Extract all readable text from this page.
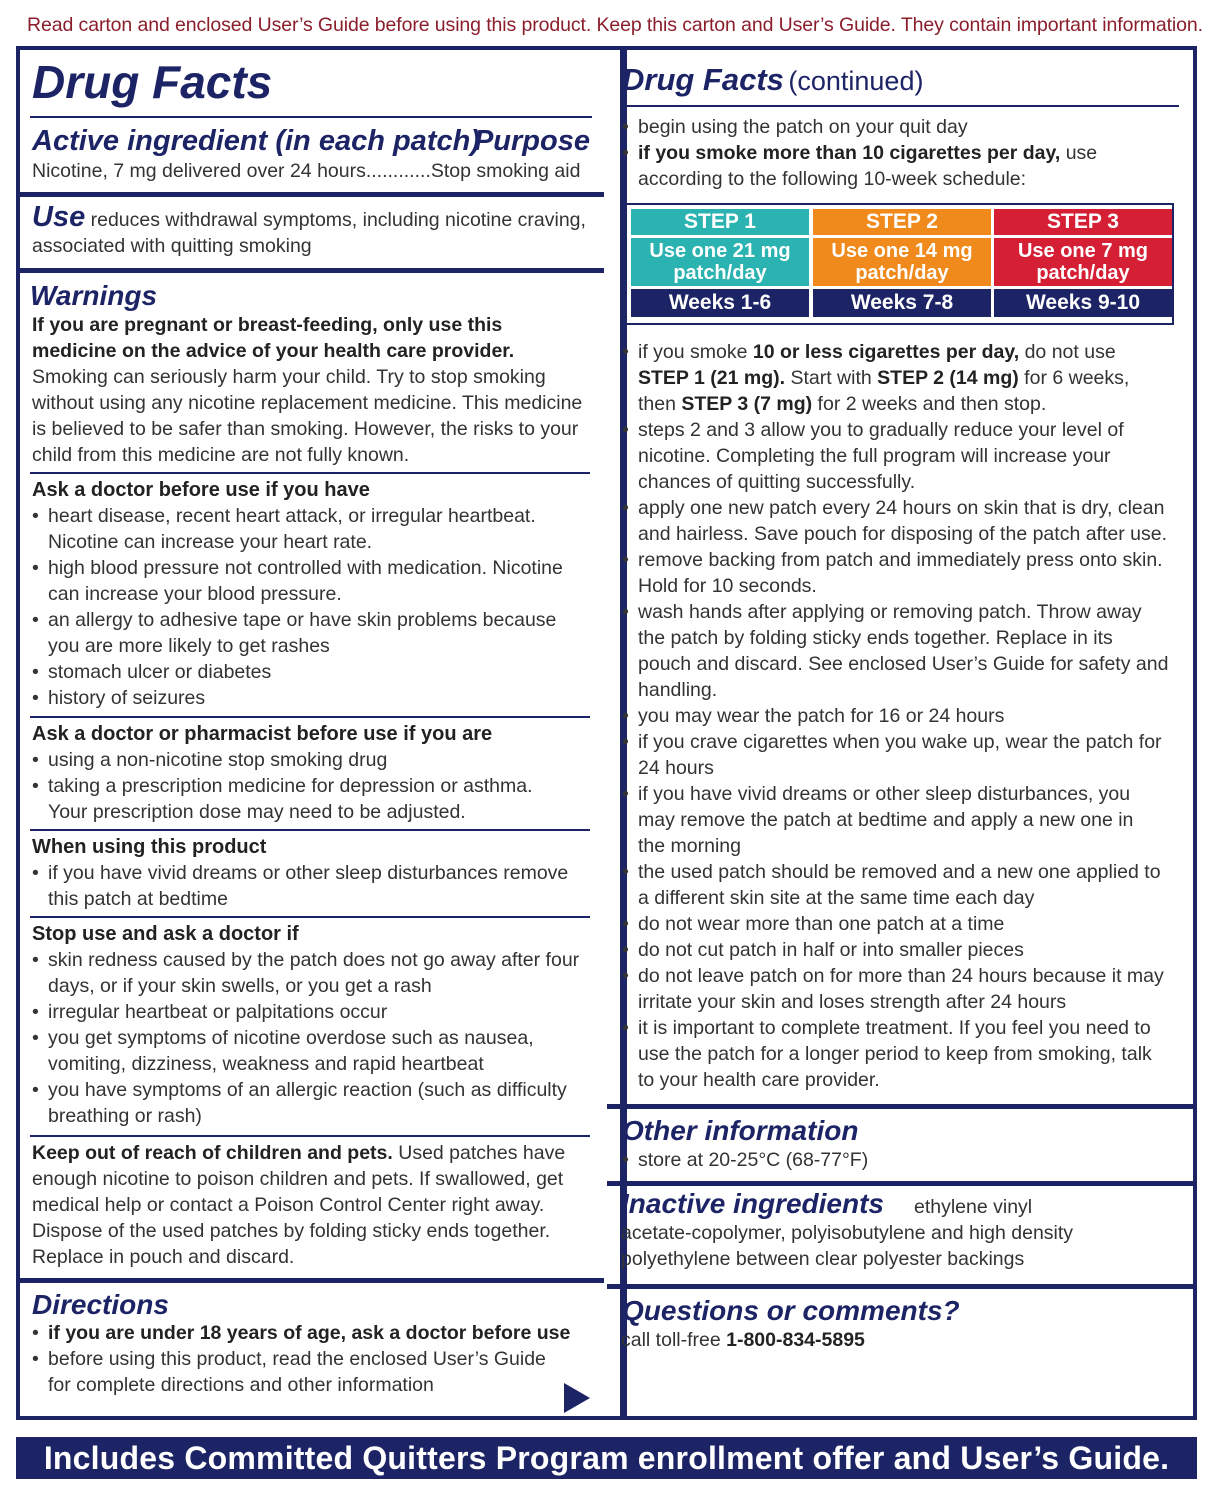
Read carton and enclosed User’s Guide before using this product. Keep this carton and User’s Guide. They contain important information.
Drug Facts
Active ingredient (in each patch)
Purpose
Nicotine, 7 mg delivered over 24 hours............Stop smoking aid
Use reduces withdrawal symptoms, including nicotine craving,
associated with quitting smoking
Warnings
If you are pregnant or breast-feeding, only use this
medicine on the advice of your health care provider.
Smoking can seriously harm your child. Try to stop smoking
without using any nicotine replacement medicine. This medicine
is believed to be safer than smoking. However, the risks to your
child from this medicine are not fully known.
Ask a doctor before use if you have
• heart disease, recent heart attack, or irregular heartbeat.
Nicotine can increase your heart rate.
• high blood pressure not controlled with medication. Nicotine
can increase your blood pressure.
• an allergy to adhesive tape or have skin problems because
you are more likely to get rashes
• stomach ulcer or diabetes
• history of seizures
Ask a doctor or pharmacist before use if you are
• using a non-nicotine stop smoking drug
• taking a prescription medicine for depression or asthma.
Your prescription dose may need to be adjusted.
When using this product
• if you have vivid dreams or other sleep disturbances remove
this patch at bedtime
Stop use and ask a doctor if
• skin redness caused by the patch does not go away after four
days, or if your skin swells, or you get a rash
• irregular heartbeat or palpitations occur
• you get symptoms of nicotine overdose such as nausea,
vomiting, dizziness, weakness and rapid heartbeat
• you have symptoms of an allergic reaction (such as difficulty
breathing or rash)
Keep out of reach of children and pets. Used patches have
enough nicotine to poison children and pets. If swallowed, get
medical help or contact a Poison Control Center right away.
Dispose of the used patches by folding sticky ends together.
Replace in pouch and discard.
Directions
• if you are under 18 years of age, ask a doctor before use
• before using this product, read the enclosed User’s Guide
for complete directions and other information
Drug Facts (continued)
• begin using the patch on your quit day
• if you smoke more than 10 cigarettes per day, use
according to the following 10-week schedule:
STEP 1
Use one 21 mg
patch/day
Weeks 1-6
STEP 2
Use one 14 mg
patch/day
Weeks 7-8
STEP 3
Use one 7 mg
patch/day
Weeks 9-10
• if you smoke 10 or less cigarettes per day, do not use
STEP 1 (21 mg). Start with STEP 2 (14 mg) for 6 weeks,
then STEP 3 (7 mg) for 2 weeks and then stop.
• steps 2 and 3 allow you to gradually reduce your level of
nicotine. Completing the full program will increase your
chances of quitting successfully.
• apply one new patch every 24 hours on skin that is dry, clean
and hairless. Save pouch for disposing of the patch after use.
• remove backing from patch and immediately press onto skin.
Hold for 10 seconds.
• wash hands after applying or removing patch. Throw away
the patch by folding sticky ends together. Replace in its
pouch and discard. See enclosed User’s Guide for safety and
handling.
• you may wear the patch for 16 or 24 hours
• if you crave cigarettes when you wake up, wear the patch for
24 hours
• if you have vivid dreams or other sleep disturbances, you
may remove the patch at bedtime and apply a new one in
the morning
• the used patch should be removed and a new one applied to
a different skin site at the same time each day
• do not wear more than one patch at a time
• do not cut patch in half or into smaller pieces
• do not leave patch on for more than 24 hours because it may
irritate your skin and loses strength after 24 hours
• it is important to complete treatment. If you feel you need to
use the patch for a longer period to keep from smoking, talk
to your health care provider.
Other information
• store at 20-25°C (68-77°F)
Inactive ingredients ethylene vinyl
acetate-copolymer, polyisobutylene and high density
polyethylene between clear polyester backings
Questions or comments?
call toll-free 1-800-834-5895
Includes Committed Quitters Program enrollment offer and User’s Guide.
